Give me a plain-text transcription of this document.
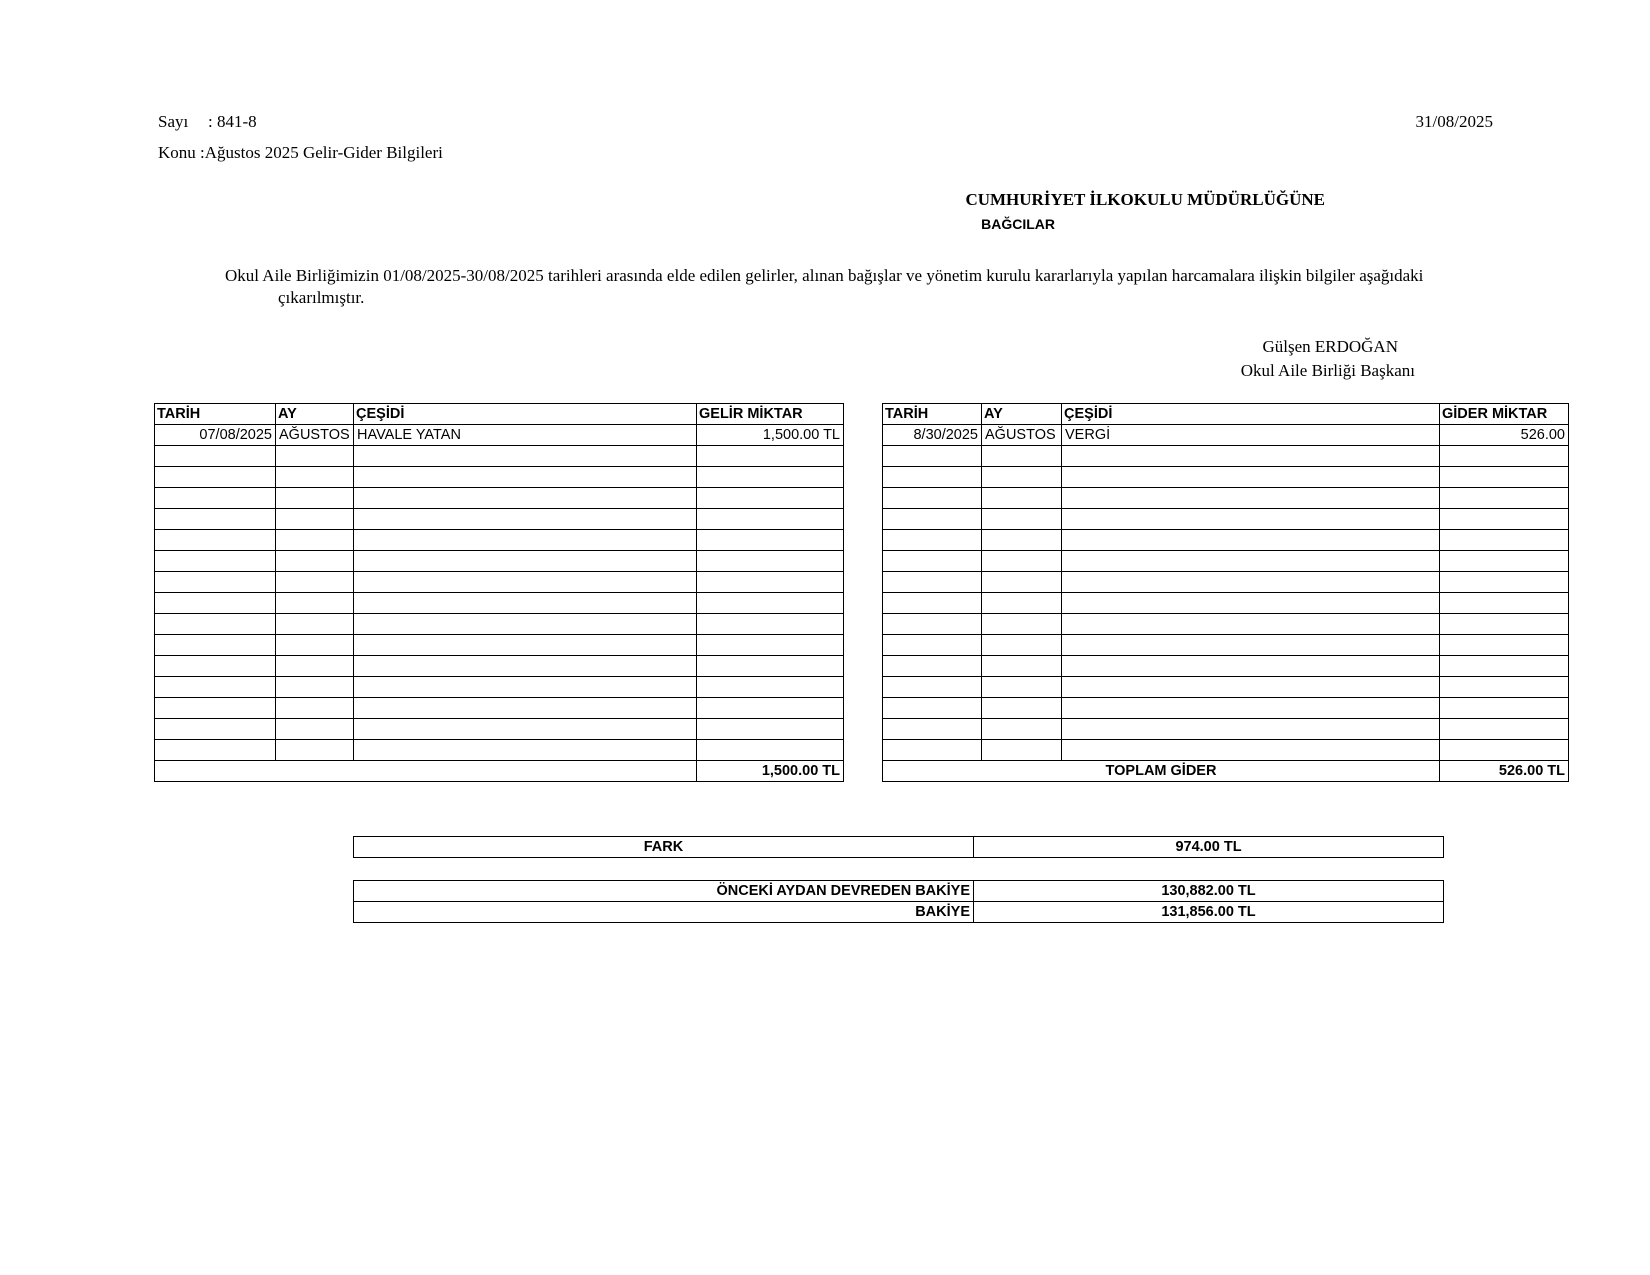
Sayı : 841-8	31/08/2025
Konu :Ağustos 2025 Gelir-Gider Bilgileri
CUMHURİYET İLKOKULU MÜDÜRLÜĞÜNE
BAĞCILAR
Okul Aile Birliğimizin 01/08/2025-30/08/2025 tarihleri arasında elde edilen gelirler, alınan bağışlar ve yönetim kurulu kararlarıyla yapılan harcamalara ilişkin bilgiler aşağıdaki
çıkarılmıştır.
Gülşen ERDOĞAN
Okul Aile Birliği Başkanı
TARİH	AY	ÇEŞİDİ	GELİR MİKTAR		TARİH	AY	ÇEŞİDİ	GİDER MİKTAR
07/08/2025	AĞUSTOS	HAVALE YATAN	1,500.00 TL		8/30/2025	AĞUSTOS	VERGİ	526.00

			1,500.00 TL		TOPLAM GİDER			526.00 TL
FARK	974.00 TL
ÖNCEKİ AYDAN DEVREDEN BAKİYE	130,882.00 TL
BAKİYE	131,856.00 TL
